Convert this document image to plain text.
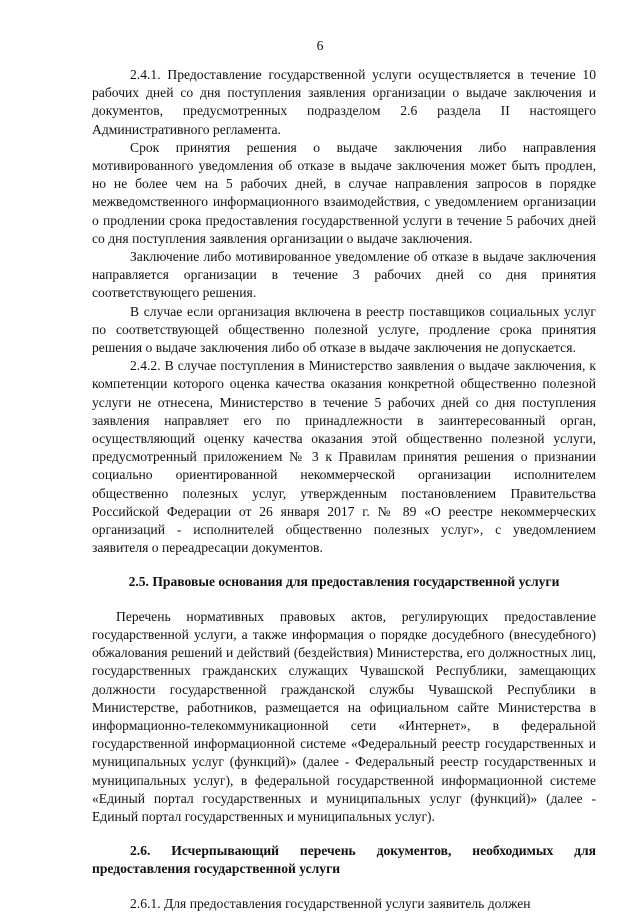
6

2.4.1. Предоставление государственной услуги осуществляется в течение 10 рабочих дней со дня поступления заявления организации о выдаче заключения и документов, предусмотренных подразделом 2.6 раздела II настоящего Административного регламента.

Срок принятия решения о выдаче заключения либо направления мотивированного уведомления об отказе в выдаче заключения может быть продлен, но не более чем на 5 рабочих дней, в случае направления запросов в порядке межведомственного информационного взаимодействия, с уведомлением организации о продлении срока предоставления государственной услуги в течение 5 рабочих дней со дня поступления заявления организации о выдаче заключения.

Заключение либо мотивированное уведомление об отказе в выдаче заключения направляется организации в течение 3 рабочих дней со дня принятия соответствующего решения.

В случае если организация включена в реестр поставщиков социальных услуг по соответствующей общественно полезной услуге, продление срока принятия решения о выдаче заключения либо об отказе в выдаче заключения не допускается.

2.4.2. В случае поступления в Министерство заявления о выдаче заключения, к компетенции которого оценка качества оказания конкретной общественно полезной услуги не отнесена, Министерство в течение 5 рабочих дней со дня поступления заявления направляет его по принадлежности в заинтересованный орган, осуществляющий оценку качества оказания этой общественно полезной услуги, предусмотренный приложением № 3 к Правилам принятия решения о признании социально ориентированной некоммерческой организации исполнителем общественно полезных услуг, утвержденным постановлением Правительства Российской Федерации от 26 января 2017 г. № 89 «О реестре некоммерческих организаций - исполнителей общественно полезных услуг», с уведомлением заявителя о переадресации документов.

2.5. Правовые основания для предоставления государственной услуги

Перечень нормативных правовых актов, регулирующих предоставление государственной услуги, а также информация о порядке досудебного (внесудебного) обжалования решений и действий (бездействия) Министерства, его должностных лиц, государственных гражданских служащих Чувашской Республики, замещающих должности государственной гражданской службы Чувашской Республики в Министерстве, работников, размещается на официальном сайте Министерства в информационно-телекоммуникационной сети «Интернет», в федеральной государственной информационной системе «Федеральный реестр государственных и муниципальных услуг (функций)» (далее - Федеральный реестр государственных и муниципальных услуг), в федеральной государственной информационной системе «Единый портал государственных и муниципальных услуг (функций)» (далее - Единый портал государственных и муниципальных услуг).

2.6. Исчерпывающий перечень документов, необходимых для предоставления государственной услуги

2.6.1. Для предоставления государственной услуги заявитель должен
